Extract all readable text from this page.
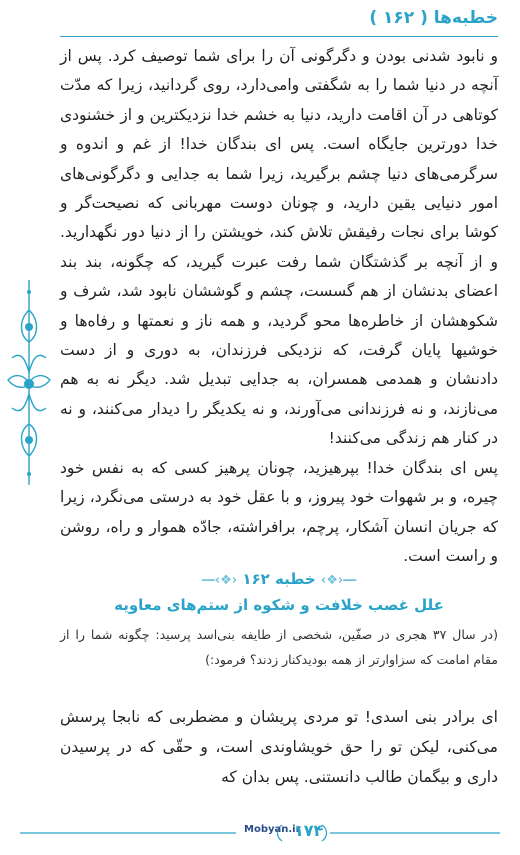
خطبه‌ها ( ۱۶۲ )

و نابود شدنی بودن و دگرگونی آن را برای شما توصیف کرد. پس از آنچه در دنیا شما را به شگفتی وامی‌دارد، روی گردانید، زیرا که مدّت کوتاهی در آن اقامت دارید، دنیا به خشم خدا نزدیکترین و از خشنودی خدا دورترین جایگاه است. پس ای بندگان خدا! از غم و اندوه و سرگرمی‌های دنیا چشم برگیرید، زیرا شما به جدایی و دگرگونی‌های امور دنیایی یقین دارید، و چونان دوست مهربانی که نصیحت‌گر و کوشا برای نجات رفیقش تلاش کند، خویشتن را از دنیا دور نگهدارید. و از آنچه بر گذشتگان شما رفت عبرت گیرید، که چگونه، بند بند اعضای بدنشان از هم گسست، چشم و گوششان نابود شد، شرف و شکوهشان از خاطره‌ها محو گردید، و همه ناز و نعمتها و رفاه‌ها و خوشیها پایان گرفت، که نزدیکی فرزندان، به دوری و از دست دادنشان و همدمی همسران، به جدایی تبدیل شد. دیگر نه به هم می‌نازند، و نه فرزندانی می‌آورند، و نه یکدیگر را دیدار می‌کنند، و نه در کنار هم زندگی می‌کنند!

پس ای بندگان خدا! بپرهیزید، چونان پرهیز کسی که به نفس خود چیره، و بر شهوات خود پیروز، و با عقل خود به درستی می‌نگرد، زیرا که جریان انسان آشکار، پرچم، برافراشته، جادّه هموار و راه، روشن و راست است.

―‹❖› خطبه ۱۶۲ ‹❖›―
علل غصب خلافت و شکوه از ستم‌های معاویه
(در سال ۳۷ هجری در صفّین، شخصی از طایفه بنی‌اسد پرسید: چگونه شما را از مقام امامت که سزاوارتر از همه بودید‌کنار زدند؟ فرمود:)
ای برادر بنی اسدی! تو مردی پریشان و مضطربی که نابجا پرسش می‌کنی، لیکن تو را حق خویشاوندی است، و حقّی که در پرسیدن داری و بیگمان طالب دانستنی. پس بدان که
Mobyan.ir
۱۷۴
